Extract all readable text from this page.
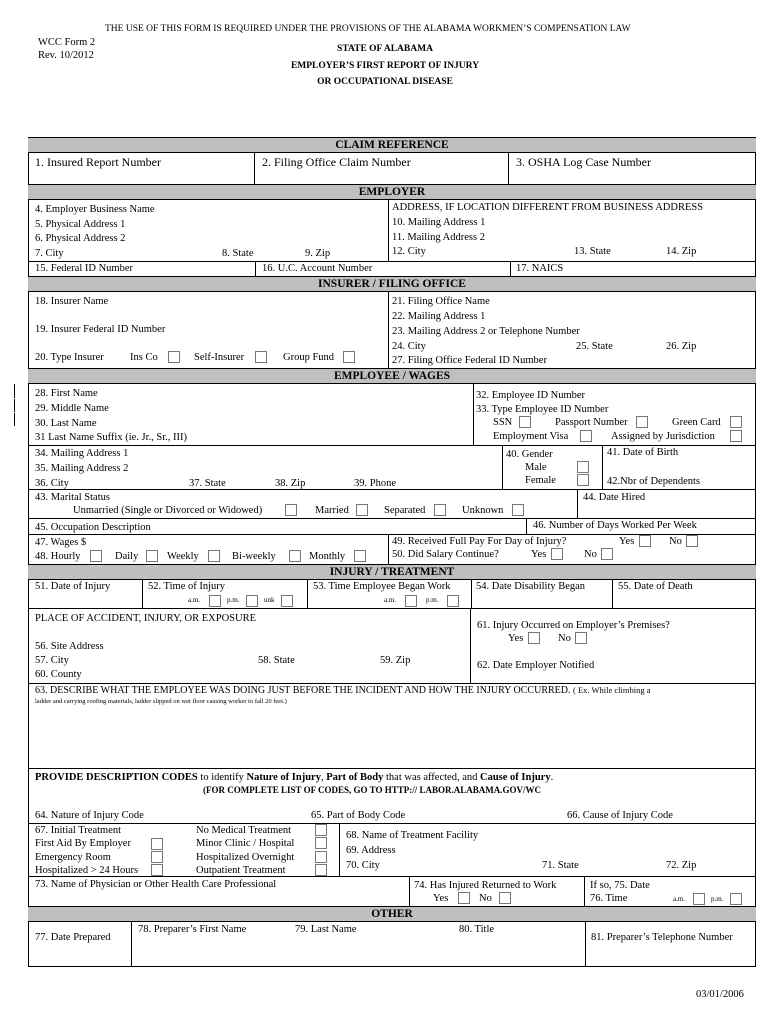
THE USE OF THIS FORM IS REQUIRED UNDER THE PROVISIONS OF THE ALABAMA WORKMEN’S COMPENSATION LAW
WCC Form 2
Rev. 10/2012
STATE OF ALABAMA
EMPLOYER’S FIRST REPORT OF INJURY
OR OCCUPATIONAL DISEASE
CLAIM REFERENCE
1. Insured Report Number	2. Filing Office Claim Number	3. OSHA Log Case Number
EMPLOYER
4. Employer Business Name
5. Physical Address 1
6. Physical Address 2
7. City	8. State	9. Zip
ADDRESS, IF LOCATION DIFFERENT FROM BUSINESS ADDRESS
10. Mailing Address 1
11. Mailing Address 2
12. City	13. State	14. Zip
15. Federal ID Number	16. U.C. Account Number	17. NAICS
INSURER / FILING OFFICE
18. Insurer Name
19. Insurer Federal ID Number
20. Type Insurer Ins Co	Self-Insurer	Group Fund
21. Filing Office Name
22. Mailing Address 1
23. Mailing Address 2 or Telephone Number
24. City	25. State	26. Zip
27. Filing Office Federal ID Number
EMPLOYEE / WAGES
28. First Name
29. Middle Name
30. Last Name
31 Last Name Suffix (ie. Jr., Sr., III)
32. Employee ID Number
33. Type Employee ID Number
SSN	Passport Number	Green Card
Employment Visa	Assigned by Jurisdiction
34. Mailing Address 1
35. Mailing Address 2
36. City	37. State	38. Zip	39. Phone
40. Gender
Male
Female
41. Date of Birth
42.Nbr of Dependents
43. Marital Status
Unmarried (Single or Divorced or Widowed)	Married	Separated	Unknown
44. Date Hired
45. Occupation Description	46. Number of Days Worked Per Week
47. Wages $
48. Hourly	Daily	Weekly	Bi-weekly	Monthly
49. Received Full Pay For Day of Injury?	Yes	No
50. Did Salary Continue?	Yes	No
INJURY / TREATMENT
51. Date of Injury	52. Time of Injury
a.m.	p.m.	unk
53. Time Employee Began Work
a.m.	p.m.
54. Date Disability Began	55. Date of Death
PLACE OF ACCIDENT, INJURY, OR EXPOSURE
56. Site Address
57. City	58. State	59. Zip
60. County
61. Injury Occurred on Employer’s Premises?
Yes	No
62. Date Employer Notified
63. DESCRIBE WHAT THE EMPLOYEE WAS DOING JUST BEFORE THE INCIDENT AND HOW THE INJURY OCCURRED. ( Ex. While climbing a
ladder and carrying roofing materials, ladder slipped on wet floor causing worker to fall 20 feet.)
PROVIDE DESCRIPTION CODES to identify Nature of Injury, Part of Body that was affected, and Cause of Injury.
(FOR COMPLETE LIST OF CODES, GO TO HTTP:// LABOR.ALABAMA.GOV/WC
64. Nature of Injury Code	65. Part of Body Code	66. Cause of Injury Code
67. Initial Treatment
First Aid By Employer
Emergency Room
Hospitalized > 24 Hours
No Medical Treatment
Minor Clinic / Hospital
Hospitalized Overnight
Outpatient Treatment
68. Name of Treatment Facility
69. Address
70. City	71. State	72. Zip
73. Name of Physician or Other Health Care Professional	74. Has Injured Returned to Work
Yes	No
If so, 75. Date
76. Time	a.m.	p.m.
OTHER
77. Date Prepared
78. Preparer’s First Name	79. Last Name	80. Title
81. Preparer’s Telephone Number
03/01/2006
